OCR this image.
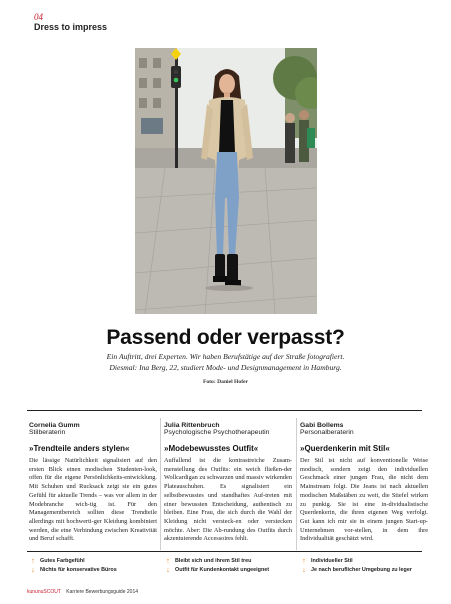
04
Dress to impress
Passend oder verpasst?
Ein Auftritt, drei Experten. Wir haben Berufstätige auf der Straße fotografiert.
Diesmal: Ina Berg, 22, studiert Mode- und Designmanagement in Hamburg.
Foto: Daniel Hofer
Cornelia Gumm
Stilberaterin
»Trendteile anders stylen«
Die lässige Natürlichkeit signalisiert auf den ersten Blick einen modischen Studenten-look, offen für die eigene Persönlichkeits-entwicklung. Mit Schuhen und Rucksack zeigt sie ein gutes Gefühl für aktuelle Trends – was vor allem in der Modebranche wich-tig ist. Für den Managementbereich sollten diese Trendteile allerdings mit hochwerti-ger Kleidung kombiniert werden, die eine Verbindung zwischen Kreativität und Beruf schafft.
Julia Rittenbruch
Psychologische Psychotherapeutin
»Modebewusstes Outfit«
Auffallend ist die kontrastreiche Zusam-menstellung des Outfits: ein weich fließen-der Wollcardigan zu schwarzen und massiv wirkenden Plateauschuhen. Es signalisiert ein selbstbewusstes und standhaftes Auf-treten mit einer bewussten Entscheidung, authentisch zu bleiben. Eine Frau, die sich durch die Wahl der Kleidung nicht versteck-en oder verstecken möchte. Aber: Die Ab-rundung des Outfits durch akzentuierende Accessoires fehlt.
Gabi Bollems
Personalberaterin
»Querdenkerin mit Stil«
Der Stil ist nicht auf konventionelle Weise modisch, sondern zeigt den individuellen Geschmack einer jungen Frau, die nicht dem Mainstream folgt. Die Jeans ist nach aktuellen modischen Maßstäben zu weit, die Stiefel wirken zu punkig. Sie ist eine in-dividualistische Querdenkerin, die ihren eigenen Weg verfolgt. Gut kann ich mir sie in einem jungen Start-up-Unternehmen vor-stellen, in dem ihre Individualität geschätzt wird.
↑ Gutes Farbgefühl
↓ Nichts für konservative Büros
↑ Bleibt sich und ihrem Stil treu
↓ Outfit für Kundenkontakt ungeeignet
↑ Individueller Stil
↓ Je nach beruflicher Umgebung zu leger
kununuSCOUT Karriere Bewerbungsguide 2014
